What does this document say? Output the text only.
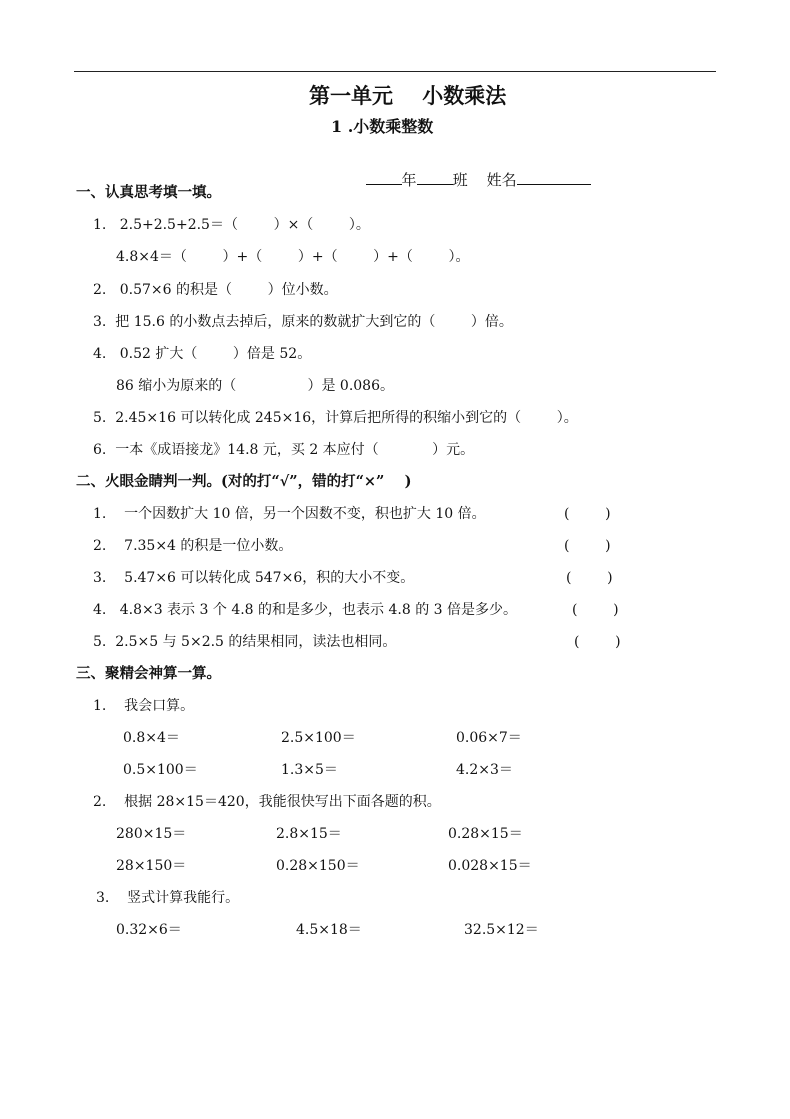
第一单元    小数乘法
1 .小数乘整数

年 班 姓名

一、认真思考填一填。
1.   2.5+2.5+2.5＝（        ）×（        ）。
4.8×4＝（        ）+（        ）+（        ）+（        ）。
2.   0.57×6 的积是（        ）位小数。
3.  把 15.6 的小数点去掉后，原来的数就扩大到它的（        ）倍。
4.   0.52 扩大（        ）倍是 52。
86 缩小为原来的（                ）是 0.086。
5.  2.45×16 可以转化成 245×16，计算后把所得的积缩小到它的（        ）。
6.  一本《成语接龙》14.8 元，买 2 本应付（            ）元。
二、火眼金睛判一判。(对的打“√”，错的打“×”    )
1.    一个因数扩大 10 倍，另一个因数不变，积也扩大 10 倍。	(        )
2.    7.35×4 的积是一位小数。	(        )
3.    5.47×6 可以转化成 547×6，积的大小不变。	(        )
4.   4.8×3 表示 3 个 4.8 的和是多少，也表示 4.8 的 3 倍是多少。	(        )
5.  2.5×5 与 5×2.5 的结果相同，读法也相同。	(        )
三、聚精会神算一算。
1.    我会口算。
0.8×4＝	2.5×100＝	0.06×7＝
0.5×100＝	1.3×5＝	4.2×3＝
2.    根据 28×15＝420，我能很快写出下面各题的积。
280×15＝	2.8×15＝	0.28×15＝
28×150＝	0.28×150＝	0.028×15＝
3.    竖式计算我能行。
0.32×6＝	4.5×18＝	32.5×12＝
